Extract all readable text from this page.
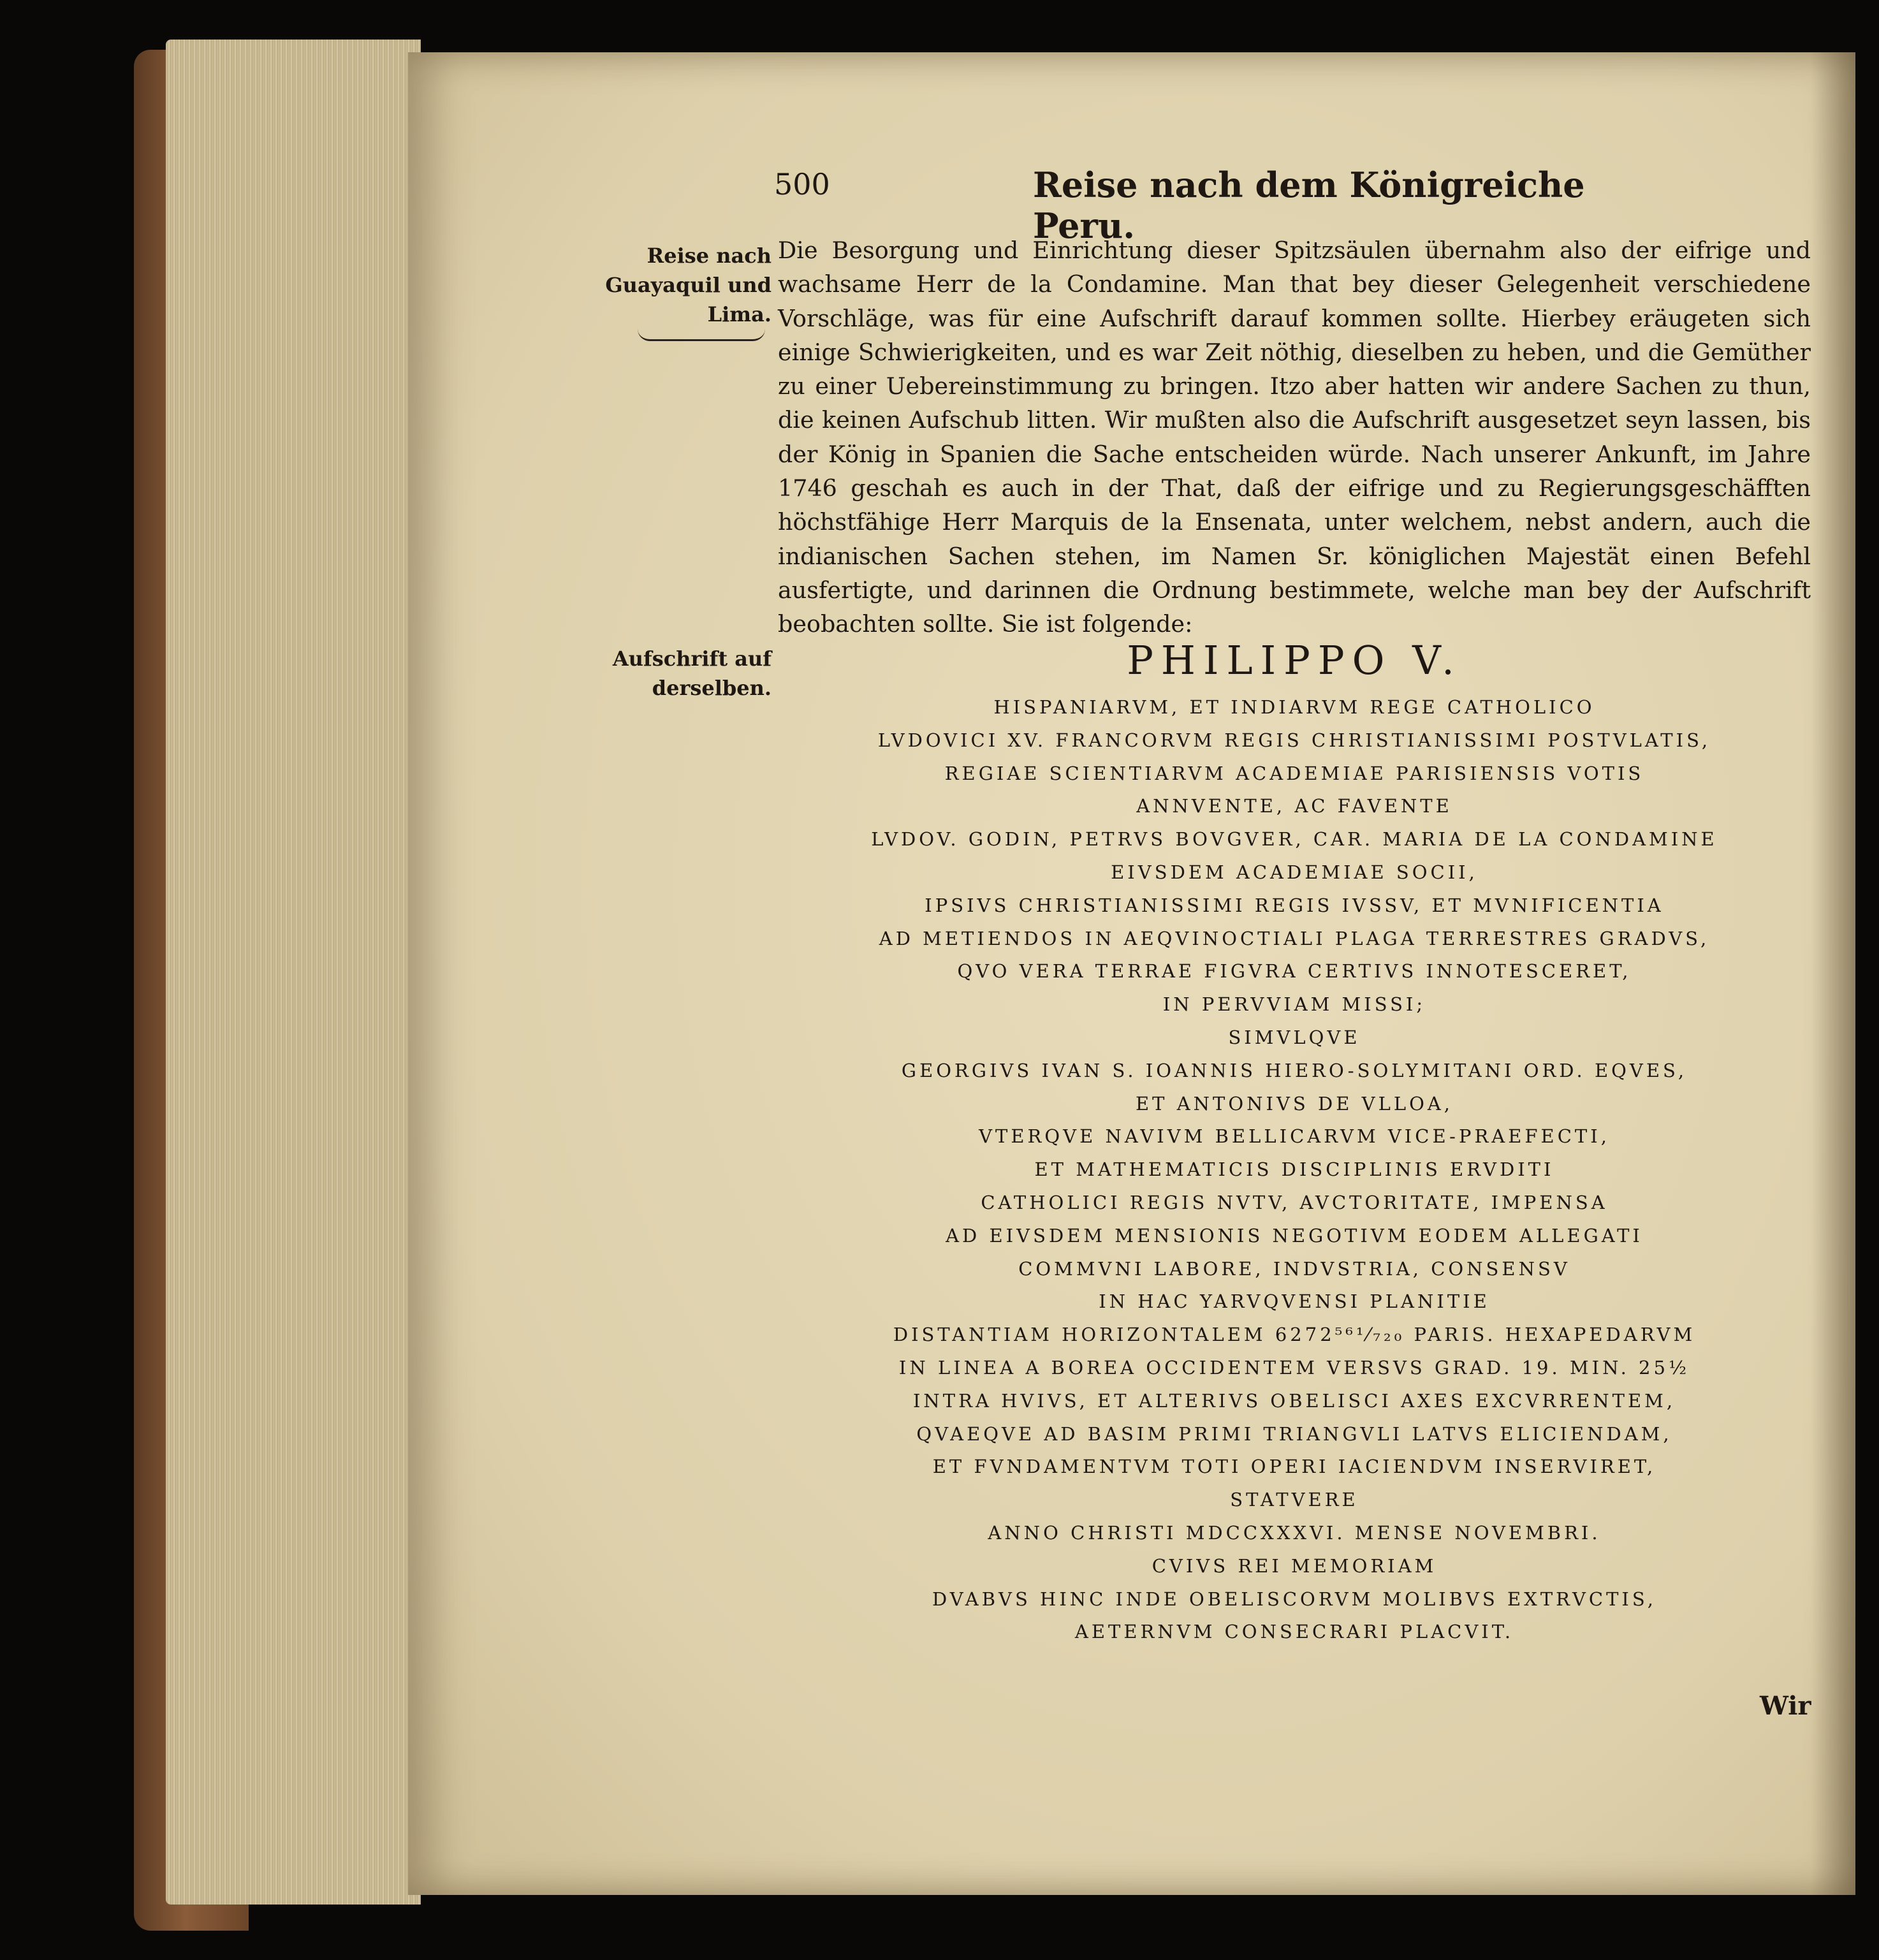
500	Reise nach dem Königreiche Peru.
Reise nach Guayaquil und Lima.
Aufschrift auf derselben.
Die Besorgung und Einrichtung dieser Spitzsäulen übernahm also der eifrige und wachsame Herr de la Condamine. Man that bey dieser Gelegenheit verschiedene Vorschläge, was für eine Aufschrift darauf kommen sollte. Hierbey eräugeten sich einige Schwierigkeiten, und es war Zeit nöthig, dieselben zu heben, und die Gemüther zu einer Uebereinstimmung zu bringen. Itzo aber hatten wir andere Sachen zu thun, die keinen Aufschub litten. Wir mußten also die Aufschrift ausgesetzet seyn lassen, bis der König in Spanien die Sache entscheiden würde. Nach unserer Ankunft, im Jahre 1746 geschah es auch in der That, daß der eifrige und zu Regierungsgeschäfften höchstfähige Herr Marquis de la Ensenata, unter welchem, nebst andern, auch die indianischen Sachen stehen, im Namen Sr. königlichen Majestät einen Befehl ausfertigte, und darinnen die Ordnung bestimmete, welche man bey der Aufschrift beobachten sollte. Sie ist folgende:
PHILIPPO V.
HISPANIARVM, ET INDIARVM REGE CATHOLICO
LVDOVICI XV. FRANCORVM REGIS CHRISTIANISSIMI POSTVLATIS,
REGIAE SCIENTIARVM ACADEMIAE PARISIENSIS VOTIS
ANNVENTE, AC FAVENTE
LVDOV. GODIN, PETRVS BOVGVER, CAR. MARIA DE LA CONDAMINE
EIVSDEM ACADEMIAE SOCII,
IPSIVS CHRISTIANISSIMI REGIS IVSSV, ET MVNIFICENTIA
AD METIENDOS IN AEQVINOCTIALI PLAGA TERRESTRES GRADVS,
QVO VERA TERRAE FIGVRA CERTIVS INNOTESCERET,
IN PERVVIAM MISSI;
SIMVLQVE
GEORGIVS IVAN S. IOANNIS HIERO-SOLYMITANI ORD. EQVES,
ET ANTONIVS DE VLLOA,
VTERQVE NAVIVM BELLICARVM VICE-PRAEFECTI,
ET MATHEMATICIS DISCIPLINIS ERVDITI
CATHOLICI REGIS NVTV, AVCTORITATE, IMPENSA
AD EIVSDEM MENSIONIS NEGOTIVM EODEM ALLEGATI
COMMVNI LABORE, INDVSTRIA, CONSENSV
IN HAC YARVQVENSI PLANITIE
DISTANTIAM HORIZONTALEM 6272⁵⁶¹⁄₇₂₀ PARIS. HEXAPEDARVM
IN LINEA A BOREA OCCIDENTEM VERSVS GRAD. 19. MIN. 25½
INTRA HVIVS, ET ALTERIVS OBELISCI AXES EXCVRRENTEM,
QVAEQVE AD BASIM PRIMI TRIANGVLI LATVS ELICIENDAM,
ET FVNDAMENTVM TOTI OPERI IACIENDVM INSERVIRET,
STATVERE
ANNO CHRISTI MDCCXXXVI. MENSE NOVEMBRI.
CVIVS REI MEMORIAM
DVABVS HINC INDE OBELISCORVM MOLIBVS EXTRVCTIS,
AETERNVM CONSECRARI PLACVIT.
Wir
